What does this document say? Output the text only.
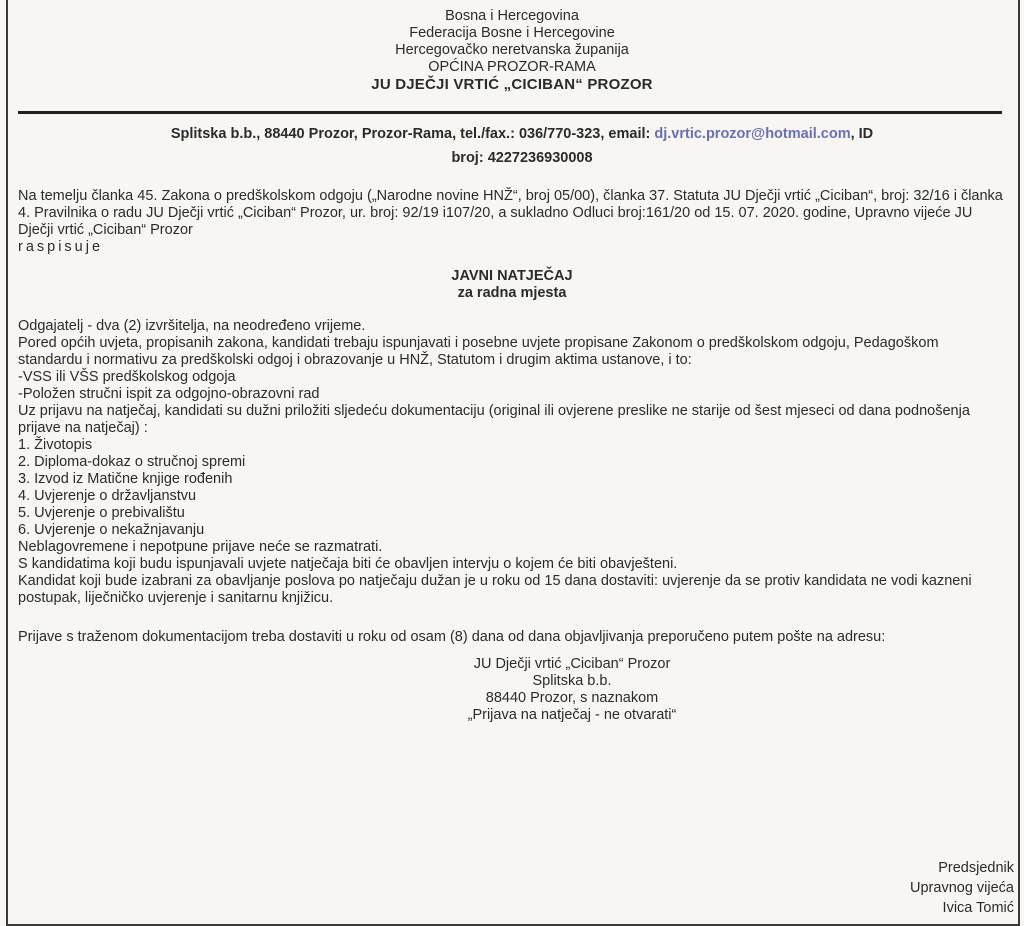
Bosna i Hercegovina
Federacija Bosne i Hercegovine
Hercegovačko neretvanska županija
OPĆINA PROZOR-RAMA
JU DJEČJI VRTIĆ „CICIBAN“ PROZOR
Splitska b.b., 88440 Prozor, Prozor-Rama, tel./fax.: 036/770-323, email: dj.vrtic.prozor@hotmail.com, ID
broj: 4227236930008

Na temelju članka 45. Zakona o predškolskom odgoju („Narodne novine HNŽ“, broj 05/00), članka 37. Statuta JU Dječji vrtić „Ciciban“, broj: 32/16 i članka 4. Pravilnika o radu JU Dječji vrtić „Ciciban“ Prozor, ur. broj: 92/19 i107/20, a sukladno Odluci broj:161/20 od 15. 07. 2020. godine, Upravno vijeće JU Dječji vrtić „Ciciban“ Prozor

raspisuje

JAVNI NATJEČAJ

za radna mjesta

Odgajatelj - dva (2) izvršitelja, na neodređeno vrijeme.

Pored općih uvjeta, propisanih zakona, kandidati trebaju ispunjavati i posebne uvjete propisane Zakonom o predškolskom odgoju, Pedagoškom standardu i normativu za predškolski odgoj i obrazovanje u HNŽ, Statutom i drugim aktima ustanove, i to:

-VSS ili VŠS predškolskog odgoja

-Položen stručni ispit za odgojno-obrazovni rad

Uz prijavu na natječaj, kandidati su dužni priložiti sljedeću dokumentaciju (original ili ovjerene preslike ne starije od šest mjeseci od dana podnošenja prijave na natječaj) :

1. Životopis

2. Diploma-dokaz o stručnoj spremi

3. Izvod iz Matične knjige rođenih

4. Uvjerenje o državljanstvu

5. Uvjerenje o prebivalištu

6. Uvjerenje o nekažnjavanju

Neblagovremene i nepotpune prijave neće se razmatrati.

S kandidatima koji budu ispunjavali uvjete natječaja biti će obavljen intervju o kojem će biti obavješteni.

Kandidat koji bude izabrani za obavljanje poslova po natječaju dužan je u roku od 15 dana dostaviti: uvjerenje da se protiv kandidata ne vodi kazneni postupak, liječničko uvjerenje i sanitarnu knjižicu.

Prijave s traženom dokumentacijom treba dostaviti u roku od osam (8) dana od dana objavljivanja preporučeno putem pošte na adresu:

JU Dječji vrtić „Ciciban“ Prozor

Splitska b.b.

88440 Prozor, s naznakom

„Prijava na natječaj - ne otvarati“

Predsjednik
Upravnog vijeća
Ivica Tomić
